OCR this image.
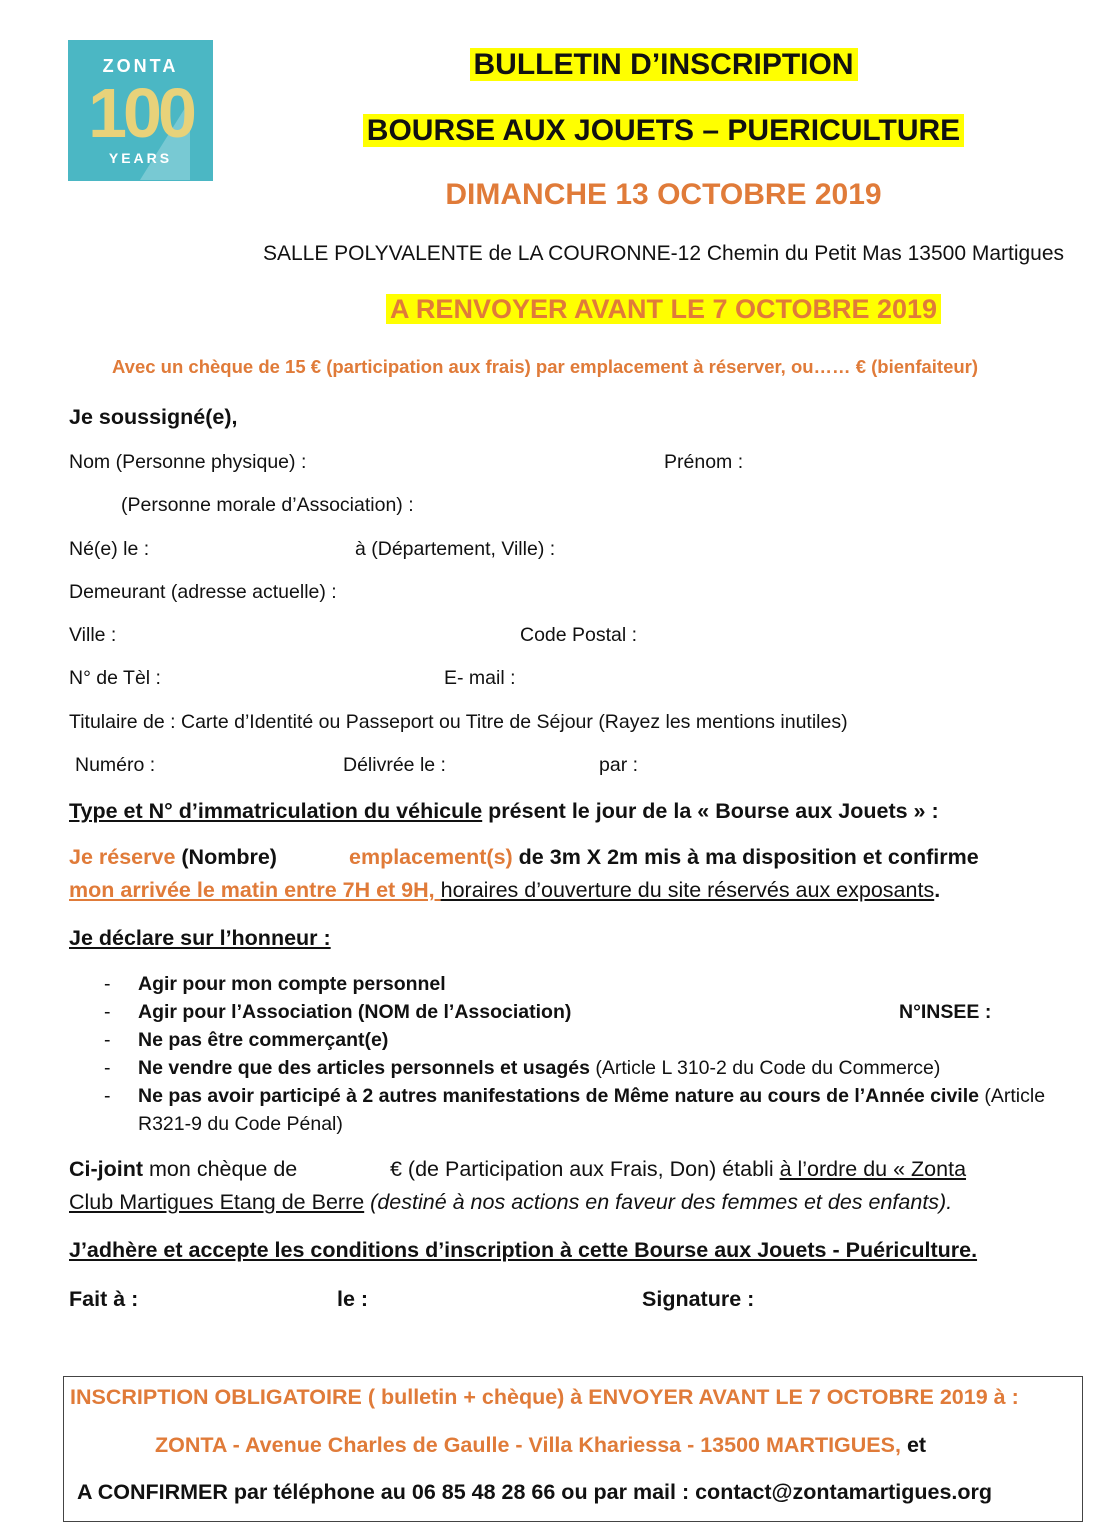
ZONTA
100
YEARS
BULLETIN D’INSCRIPTION
BOURSE AUX JOUETS – PUERICULTURE
DIMANCHE 13 OCTOBRE 2019
SALLE POLYVALENTE de LA COURONNE-12 Chemin du Petit Mas 13500 Martigues
A RENVOYER AVANT LE 7 OCTOBRE 2019
Avec un chèque de 15 € (participation aux frais) par emplacement à réserver, ou…… € (bienfaiteur)
Je soussigné(e),
Nom (Personne physique) :	Prénom :
(Personne morale d’Association) :
Né(e) le :	à (Département, Ville) :
Demeurant (adresse actuelle) :
Ville :	Code Postal :
N° de Tèl :	E- mail :
Titulaire de : Carte d’Identité ou Passeport ou Titre de Séjour (Rayez les mentions inutiles)
Numéro :	Délivrée le :	par :
Type et N° d’immatriculation du véhicule présent le jour de la « Bourse aux Jouets » :
Je réserve (Nombre)	emplacement(s) de 3m X 2m mis à ma disposition et confirme
mon arrivée le matin entre 7H et 9H, horaires d’ouverture du site réservés aux exposants.
Je déclare sur l’honneur :
- Agir pour mon compte personnel
- Agir pour l’Association (NOM de l’Association)	N°INSEE :
- Ne pas être commerçant(e)
- Ne vendre que des articles personnels et usagés (Article L 310-2 du Code du Commerce)
- Ne pas avoir participé à 2 autres manifestations de Même nature au cours de l’Année civile (Article
R321-9 du Code Pénal)
Ci-joint mon chèque de	€ (de Participation aux Frais, Don) établi à l’ordre du « Zonta
Club Martigues Etang de Berre (destiné à nos actions en faveur des femmes et des enfants).
J’adhère et accepte les conditions d’inscription à cette Bourse aux Jouets - Puériculture.
Fait à :	le :	Signature :
INSCRIPTION OBLIGATOIRE ( bulletin + chèque) à ENVOYER AVANT LE 7 OCTOBRE 2019 à :
ZONTA - Avenue Charles de Gaulle - Villa Khariessa - 13500 MARTIGUES, et
A CONFIRMER par téléphone au 06 85 48 28 66 ou par mail : contact@zontamartigues.org
